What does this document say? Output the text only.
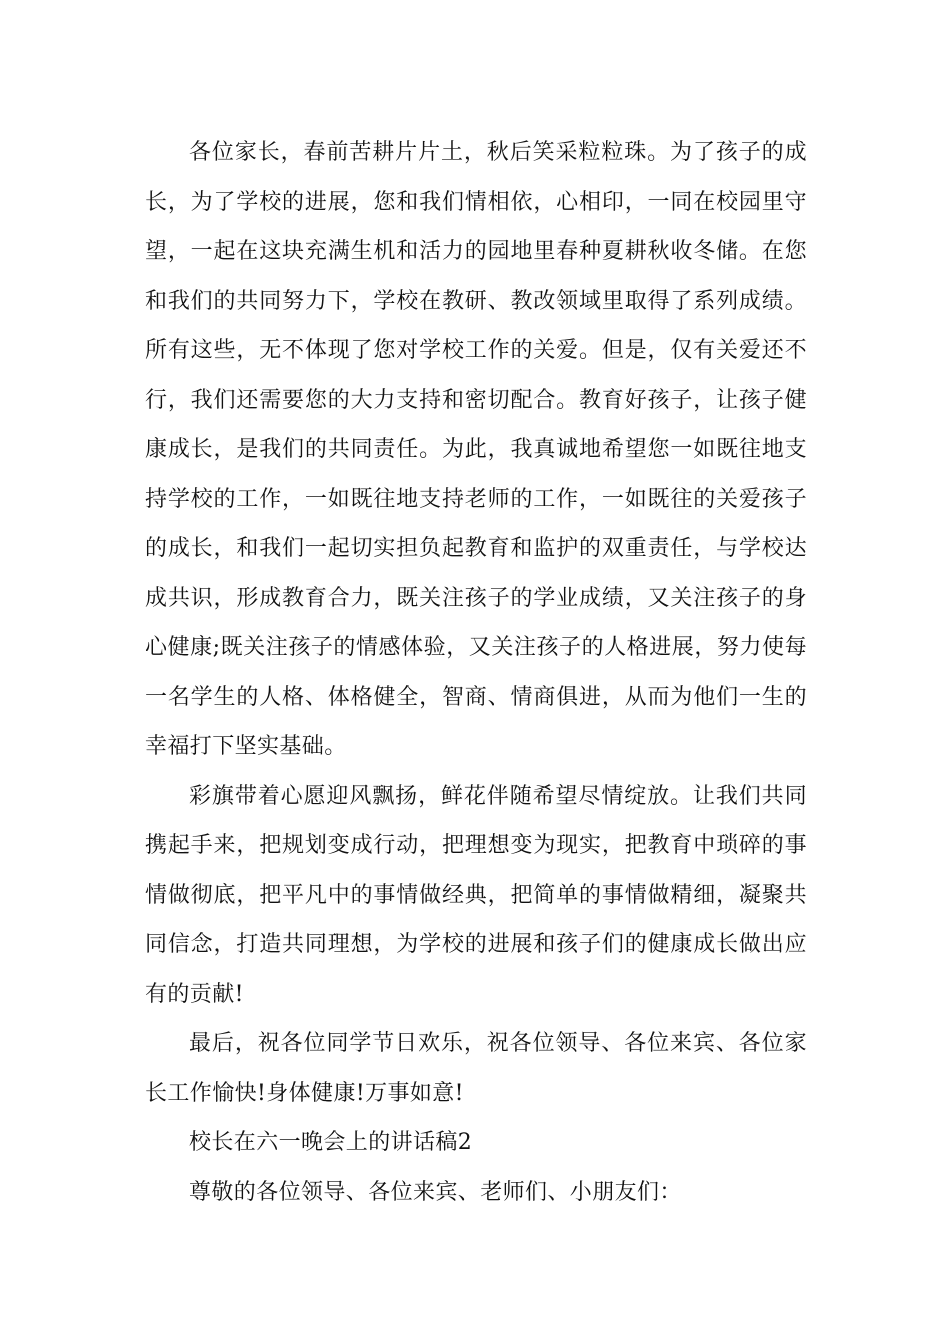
各位家长，春前苦耕片片土，秋后笑采粒粒珠。为了孩子的成长，为了学校的进展，您和我们情相依，心相印，一同在校园里守望，一起在这块充满生机和活力的园地里春种夏耕秋收冬储。在您和我们的共同努力下，学校在教研、教改领域里取得了系列成绩。所有这些，无不体现了您对学校工作的关爱。但是，仅有关爱还不行，我们还需要您的大力支持和密切配合。教育好孩子，让孩子健康成长，是我们的共同责任。为此，我真诚地希望您一如既往地支持学校的工作，一如既往地支持老师的工作，一如既往的关爱孩子的成长，和我们一起切实担负起教育和监护的双重责任，与学校达成共识，形成教育合力，既关注孩子的学业成绩，又关注孩子的身心健康;既关注孩子的情感体验，又关注孩子的人格进展，努力使每一名学生的人格、体格健全，智商、情商俱进，从而为他们一生的幸福打下坚实基础。

彩旗带着心愿迎风飘扬，鲜花伴随希望尽情绽放。让我们共同携起手来，把规划变成行动，把理想变为现实，把教育中琐碎的事情做彻底，把平凡中的事情做经典，把简单的事情做精细，凝聚共同信念，打造共同理想，为学校的进展和孩子们的健康成长做出应有的贡献!

最后，祝各位同学节日欢乐，祝各位领导、各位来宾、各位家长工作愉快!身体健康!万事如意!

校长在六一晚会上的讲话稿2

尊敬的各位领导、各位来宾、老师们、小朋友们：
